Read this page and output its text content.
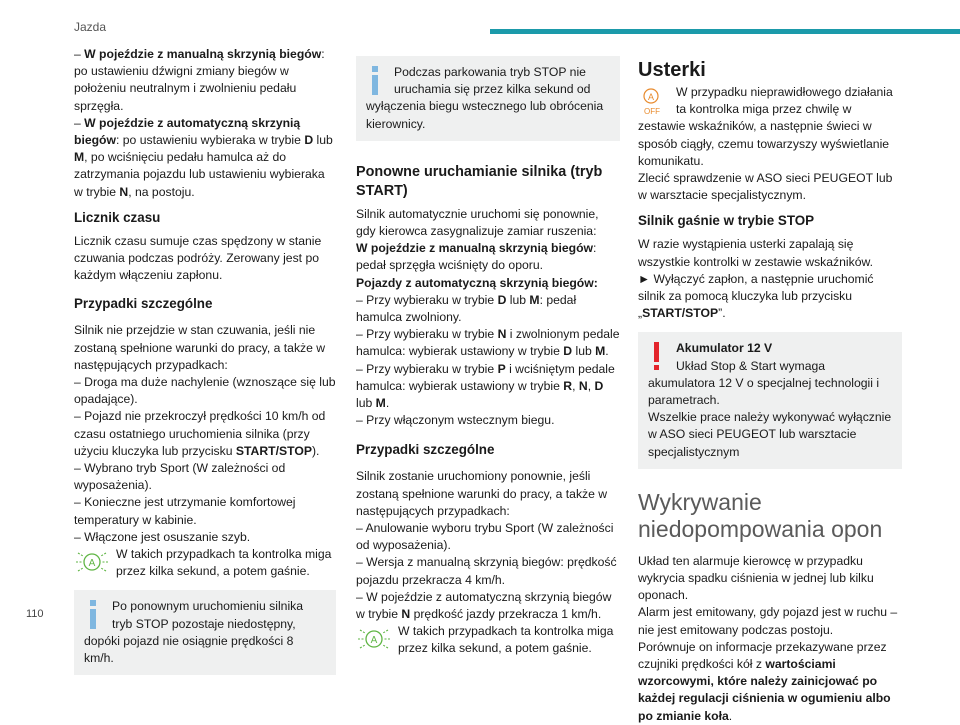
Jazda
110

– W pojeździe z manualną skrzynią biegów: po ustawieniu dźwigni zmiany biegów w położeniu neutralnym i zwolnieniu pedału sprzęgła.

– W pojeździe z automatyczną skrzynią biegów: po ustawieniu wybieraka w trybie D lub M, po wciśnięciu pedału hamulca aż do zatrzymania pojazdu lub ustawieniu wybieraka w trybie N, na postoju.

Licznik czasu

Licznik czasu sumuje czas spędzony w stanie czuwania podczas podróży. Zerowany jest po każdym włączeniu zapłonu.

Przypadki szczególne

Silnik nie przejdzie w stan czuwania, jeśli nie zostaną spełnione warunki do pracy, a także w następujących przypadkach:

– Droga ma duże nachylenie (wznoszące się lub opadające).

– Pojazd nie przekroczył prędkości 10 km/h od czasu ostatniego uruchomienia silnika (przy użyciu kluczyka lub przycisku START/STOP).

– Wybrano tryb Sport (W zależności od wyposażenia).

– Konieczne jest utrzymanie komfortowej temperatury w kabinie.

– Włączone jest osuszanie szyb.

A

W takich przypadkach ta kontrolka miga przez kilka sekund, a potem gaśnie.

Po ponownym uruchomieniu silnika tryb STOP pozostaje niedostępny, dopóki pojazd nie osiągnie prędkości 8 km/h.

Podczas parkowania tryb STOP nie uruchamia się przez kilka sekund od wyłączenia biegu wstecznego lub obrócenia kierownicy.

Ponowne uruchamianie silnika (tryb START)

Silnik automatycznie uruchomi się ponownie, gdy kierowca zasygnalizuje zamiar ruszenia:

W pojeździe z manualną skrzynią biegów: pedał sprzęgła wciśnięty do oporu.

Pojazdy z automatyczną skrzynią biegów:

– Przy wybieraku w trybie D lub M: pedał hamulca zwolniony.

– Przy wybieraku w trybie N i zwolnionym pedale hamulca: wybierak ustawiony w trybie D lub M.

– Przy wybieraku w trybie P i wciśniętym pedale hamulca: wybierak ustawiony w trybie R, N, D lub M.

– Przy włączonym wstecznym biegu.

Przypadki szczególne

Silnik zostanie uruchomiony ponownie, jeśli zostaną spełnione warunki do pracy, a także w następujących przypadkach:

– Anulowanie wyboru trybu Sport (W zależności od wyposażenia).

– Wersja z manualną skrzynią biegów: prędkość pojazdu przekracza 4 km/h.

– W pojeździe z automatyczną skrzynią biegów w trybie N prędkość jazdy przekracza 1 km/h.

A

W takich przypadkach ta kontrolka miga przez kilka sekund, a potem gaśnie.

Usterki
A
OFF

W przypadku nieprawidłowego działania ta kontrolka miga przez chwilę w zestawie wskaźników, a następnie świeci w sposób ciągły, czemu towarzyszy wyświetlanie komunikatu.

Zlecić sprawdzenie w ASO sieci PEUGEOT lub w warsztacie specjalistycznym.

Silnik gaśnie w trybie STOP

W razie wystąpienia usterki zapalają się wszystkie kontrolki w zestawie wskaźników.

► Wyłączyć zapłon, a następnie uruchomić silnik za pomocą kluczyka lub przycisku „START/STOP”.

Akumulator 12 V

Układ Stop & Start wymaga akumulatora 12 V o specjalnej technologii i parametrach.

Wszelkie prace należy wykonywać wyłącznie w ASO sieci PEUGEOT lub warsztacie specjalistycznym

Wykrywanie niedopompowania opon

Układ ten alarmuje kierowcę w przypadku wykrycia spadku ciśnienia w jednej lub kilku oponach.

Alarm jest emitowany, gdy pojazd jest w ruchu – nie jest emitowany podczas postoju.

Porównuje on informacje przekazywane przez czujniki prędkości kół z wartościami wzorcowymi, które należy zainicjować po każdej regulacji ciśnienia w ogumieniu albo po zmianie koła.
